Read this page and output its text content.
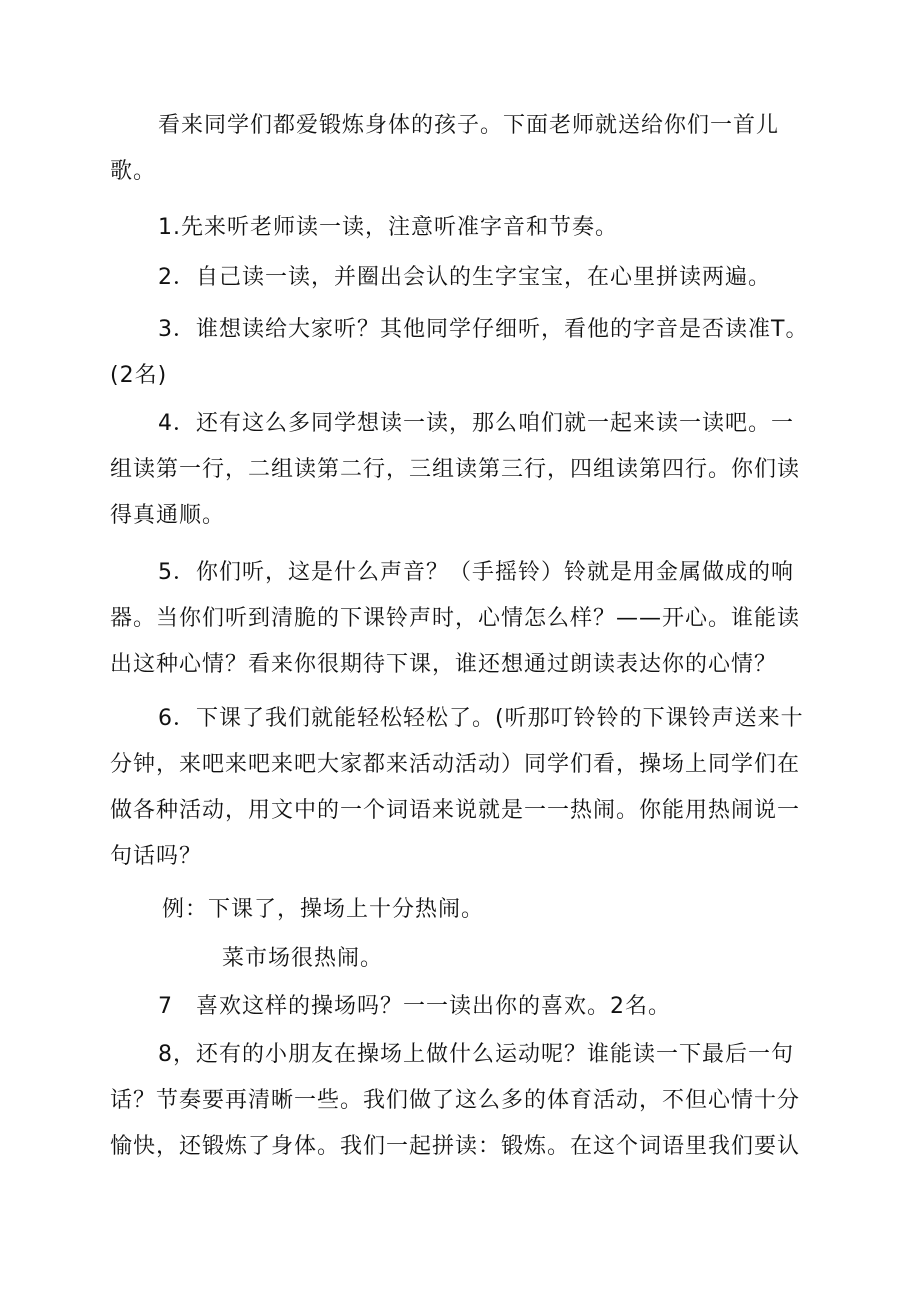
看来同学们都爱锻炼身体的孩子。下面老师就送给你们一首儿歌。

1.先来听老师读一读，注意听准字音和节奏。

2．自己读一读，并圈出会认的生字宝宝，在心里拼读两遍。

3．谁想读给大家听？其他同学仔细听，看他的字音是否读准T。(2名)

4．还有这么多同学想读一读，那么咱们就一起来读一读吧。一组读第一行，二组读第二行，三组读第三行，四组读第四行。你们读得真通顺。

5．你们听，这是什么声音？（手摇铃）铃就是用金属做成的响器。当你们听到清脆的下课铃声时，心情怎么样？——开心。谁能读出这种心情？看来你很期待下课，谁还想通过朗读表达你的心情？

6．下课了我们就能轻松轻松了。(听那叮铃铃的下课铃声送来十分钟，来吧来吧来吧大家都来活动活动）同学们看，操场上同学们在做各种活动，用文中的一个词语来说就是一一热闹。你能用热闹说一句话吗？

例：下课了，操场上十分热闹。

菜市场很热闹。

7　喜欢这样的操场吗？一一读出你的喜欢。2名。

8，还有的小朋友在操场上做什么运动呢？谁能读一下最后一句话？节奏要再清晰一些。我们做了这么多的体育活动，不但心情十分愉快，还锻炼了身体。我们一起拼读：锻炼。在这个词语里我们要认
